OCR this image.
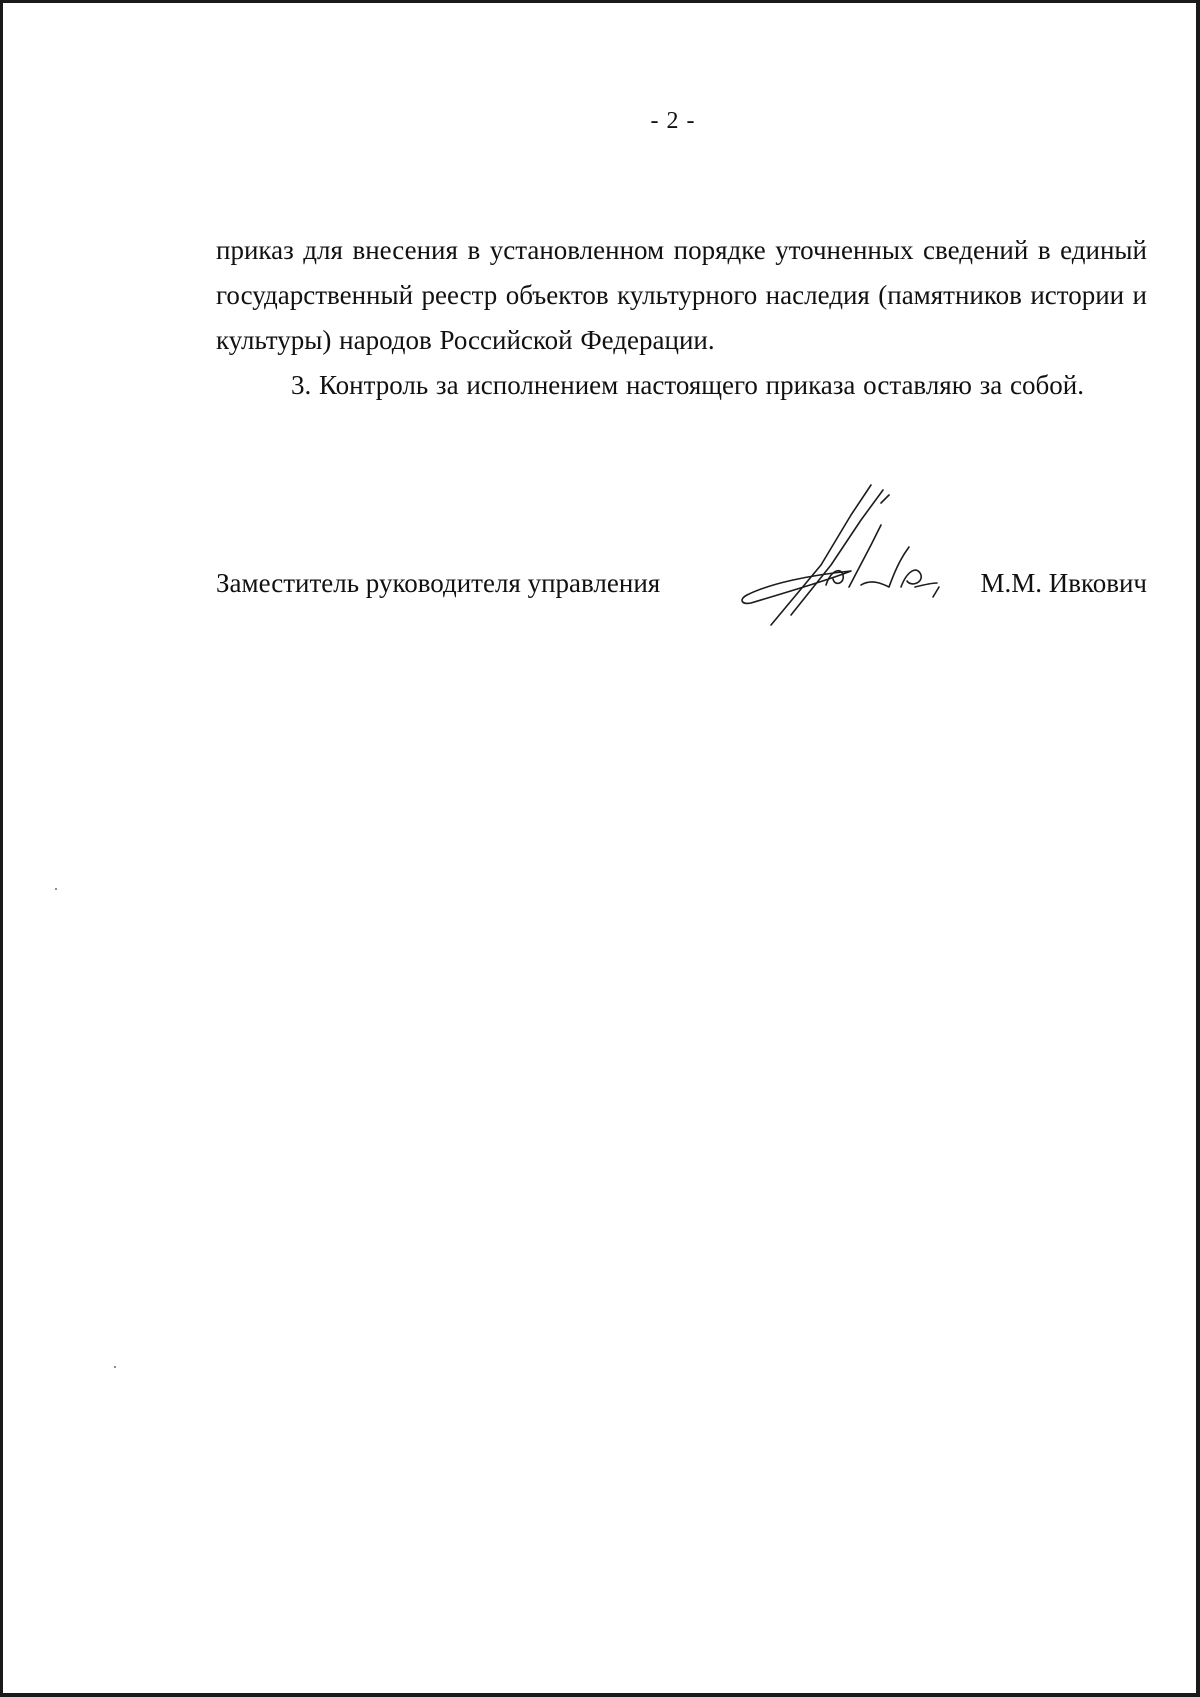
- 2 -

приказ для внесения в установленном порядке уточненных сведений в единый государственный реестр объектов культурного наследия (памятников истории и культуры) народов Российской Федерации.

3. Контроль за исполнением настоящего приказа оставляю за собой.

Заместитель руководителя управления	М.М. Ивкович
